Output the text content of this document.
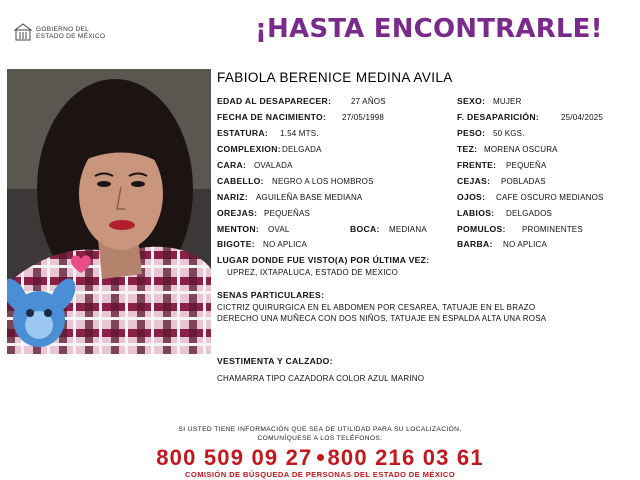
GOBIERNO DEL
ESTADO DE MÉXICO	¡HASTA ENCONTRARLE!
FABIOLA BERENICE MEDINA AVILA
EDAD AL DESAPARECER: 27 AÑOS
FECHA DE NACIMIENTO: 27/05/1998
ESTATURA: 1.54 MTS.
COMPLEXION: DELGADA
CARA: OVALADA
CABELLO: NEGRO A LOS HOMBROS
NARIZ: AGUILEÑA BASE MEDIANA
OREJAS: PEQUEÑAS
MENTON: OVAL	BOCA: MEDIANA
BIGOTE: NO APLICA
SEXO: MUJER
F. DESAPARICIÓN:	25/04/2025
PESO: 50 KGS.
TEZ: MORENA OSCURA
FRENTE: PEQUEÑA
CEJAS: POBLADAS
OJOS: CAFE OSCURO MEDIANOS
LABIOS: DELGADOS
POMULOS: PROMINENTES
BARBA: NO APLICA
LUGAR DONDE FUE VISTO(A) POR ÚLTIMA VEZ:
UPREZ, IXTAPALUCA, ESTADO DE MEXICO
SENAS PARTICULARES:
CICTRIZ QUIRURGICA EN EL ABDOMEN POR CESAREA, TATUAJE EN EL BRAZO
DERECHO UNA MUÑECA CON DOS NIÑOS, TATUAJE EN ESPALDA ALTA UNA ROSA
VESTIMENTA Y CALZADO:
CHAMARRA TIPO CAZADORA COLOR AZUL MARINO
SI USTED TIENE INFORMACIÓN QUE SEA DE UTILIDAD PARA SU LOCALIZACIÓN,
COMUNÍQUESE A LOS TELÉFONOS:
800 509 09 27 800 216 03 61
COMISIÓN DE BÚSQUEDA DE PERSONAS DEL ESTADO DE MÉXICO
